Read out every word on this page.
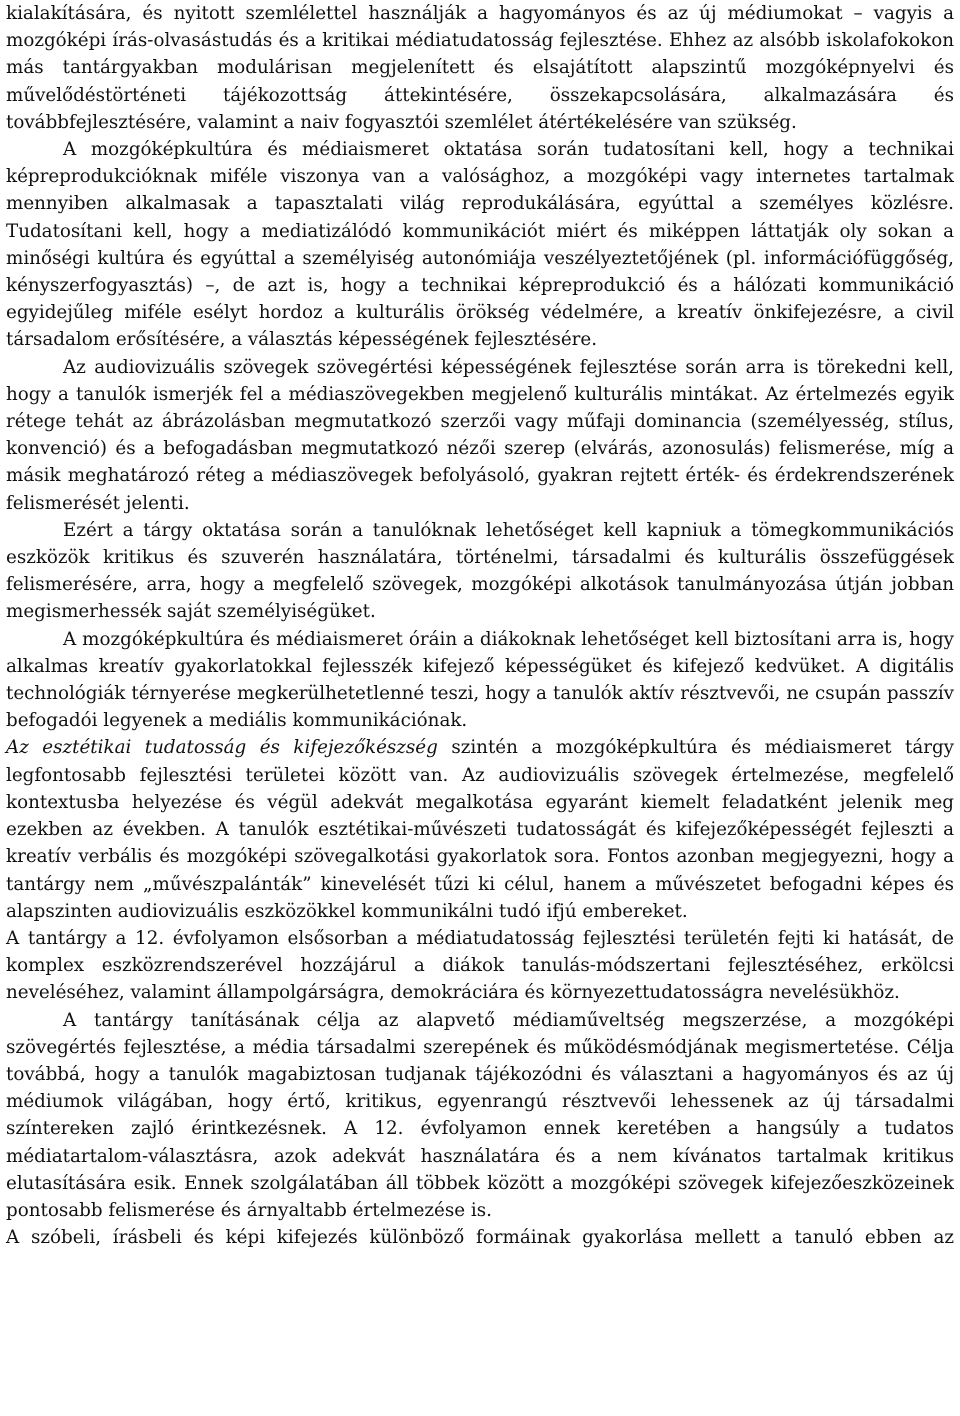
kialakítására, és nyitott szemlélettel használják a hagyományos és az új médiumokat – vagyis a mozgóképi írás-olvasástudás és a kritikai médiatudatosság fejlesztése. Ehhez az alsóbb iskolafokokon más tantárgyakban modulárisan megjelenített és elsajátított alapszintű mozgóképnyelvi és művelődéstörténeti tájékozottság áttekintésére, összekapcsolására, alkalmazására és továbbfejlesztésére, valamint a naiv fogyasztói szemlélet átértékelésére van szükség.

A mozgóképkultúra és médiaismeret oktatása során tudatosítani kell, hogy a technikai képreprodukcióknak miféle viszonya van a valósághoz, a mozgóképi vagy internetes tartalmak mennyiben alkalmasak a tapasztalati világ reprodukálására, egyúttal a személyes közlésre. Tudatosítani kell, hogy a mediatizálódó kommunikációt miért és miképpen láttatják oly sokan a minőségi kultúra és egyúttal a személyiség autonómiája veszélyeztetőjének (pl. információfüggőség, kényszerfogyasztás) –, de azt is, hogy a technikai képreprodukció és a hálózati kommunikáció egyidejűleg miféle esélyt hordoz a kulturális örökség védelmére, a kreatív önkifejezésre, a civil társadalom erősítésére, a választás képességének fejlesztésére.

Az audiovizuális szövegek szövegértési képességének fejlesztése során arra is törekedni kell, hogy a tanulók ismerjék fel a médiaszövegekben megjelenő kulturális mintákat. Az értelmezés egyik rétege tehát az ábrázolásban megmutatkozó szerzői vagy műfaji dominancia (személyesség, stílus, konvenció) és a befogadásban megmutatkozó nézői szerep (elvárás, azonosulás) felismerése, míg a másik meghatározó réteg a médiaszövegek befolyásoló, gyakran rejtett érték- és érdekrendszerének felismerését jelenti.

Ezért a tárgy oktatása során a tanulóknak lehetőséget kell kapniuk a tömegkommunikációs eszközök kritikus és szuverén használatára, történelmi, társadalmi és kulturális összefüggések felismerésére, arra, hogy a megfelelő szövegek, mozgóképi alkotások tanulmányozása útján jobban megismerhessék saját személyiségüket.

A mozgóképkultúra és médiaismeret óráin a diákoknak lehetőséget kell biztosítani arra is, hogy alkalmas kreatív gyakorlatokkal fejlesszék kifejező képességüket és kifejező kedvüket. A digitális technológiák térnyerése megkerülhetetlenné teszi, hogy a tanulók aktív résztvevői, ne csupán passzív befogadói legyenek a mediális kommunikációnak.

Az esztétikai tudatosság és kifejezőkészség szintén a mozgóképkultúra és médiaismeret tárgy legfontosabb fejlesztési területei között van. Az audiovizuális szövegek értelmezése, megfelelő kontextusba helyezése és végül adekvát megalkotása egyaránt kiemelt feladatként jelenik meg ezekben az években. A tanulók esztétikai-művészeti tudatosságát és kifejezőképességét fejleszti a kreatív verbális és mozgóképi szövegalkotási gyakorlatok sora. Fontos azonban megjegyezni, hogy a tantárgy nem „művészpalánták” kinevelését tűzi ki célul, hanem a művészetet befogadni képes és alapszinten audiovizuális eszközökkel kommunikálni tudó ifjú embereket.

A tantárgy a 12. évfolyamon elsősorban a médiatudatosság fejlesztési területén fejti ki hatását, de komplex eszközrendszerével hozzájárul a diákok tanulás-módszertani fejlesztéséhez, erkölcsi neveléséhez, valamint állampolgárságra, demokráciára és környezettudatosságra nevelésükhöz.

A tantárgy tanításának célja az alapvető médiaműveltség megszerzése, a mozgóképi szövegértés fejlesztése, a média társadalmi szerepének és működésmódjának megismertetése. Célja továbbá, hogy a tanulók magabiztosan tudjanak tájékozódni és választani a hagyományos és az új médiumok világában, hogy értő, kritikus, egyenrangú résztvevői lehessenek az új társadalmi színtereken zajló érintkezésnek. A 12. évfolyamon ennek keretében a hangsúly a tudatos médiatartalom-választásra, azok adekvát használatára és a nem kívánatos tartalmak kritikus elutasítására esik. Ennek szolgálatában áll többek között a mozgóképi szövegek kifejezőeszközeinek pontosabb felismerése és árnyaltabb értelmezése is.

A szóbeli, írásbeli és képi kifejezés különböző formáinak gyakorlása mellett a tanuló ebben az
